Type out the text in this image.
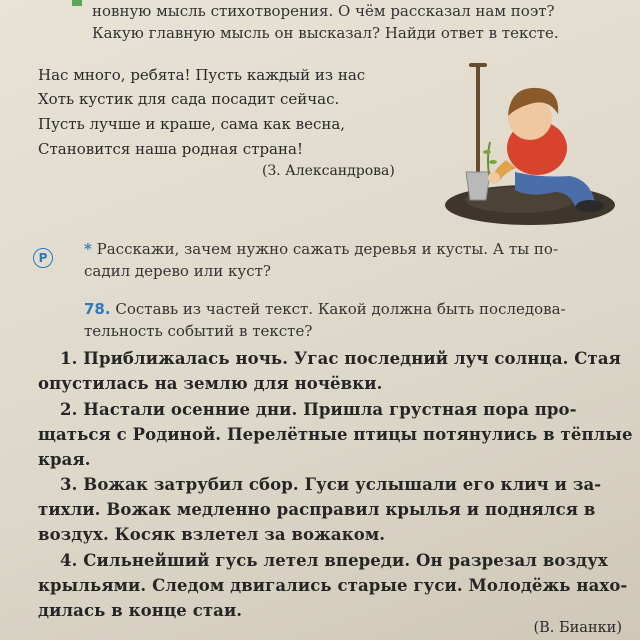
новную мысль стихотворения. О чём рассказал нам поэт?

Какую главную мысль он высказал? Найди ответ в тексте.

Нас много, ребята! Пусть каждый из нас

Хоть кустик для сада посадит сейчас.

Пусть лучше и краше, сама как весна,

Становится наша родная страна!

(З. Александрова)

Р	* Расскажи, зачем нужно сажать деревья и кусты. А ты по-

садил дерево или куст?

78. Составь из частей текст. Какой должна быть последова-

тельность событий в тексте?

1. Приближалась ночь. Угас последний луч солнца. Стая

опустилась на землю для ночёвки.

2. Настали осенние дни. Пришла грустная пора про-

щаться с Родиной. Перелётные птицы потянулись в тёплые

края.

3. Вожак затрубил сбор. Гуси услышали его клич и за-

тихли. Вожак медленно расправил крылья и поднялся в

воздух. Косяк взлетел за вожаком.

4. Сильнейший гусь летел впереди. Он разрезал воздух

крыльями. Следом двигались старые гуси. Молодёжь нахо-

дилась в конце стаи.

(В. Бианки)
